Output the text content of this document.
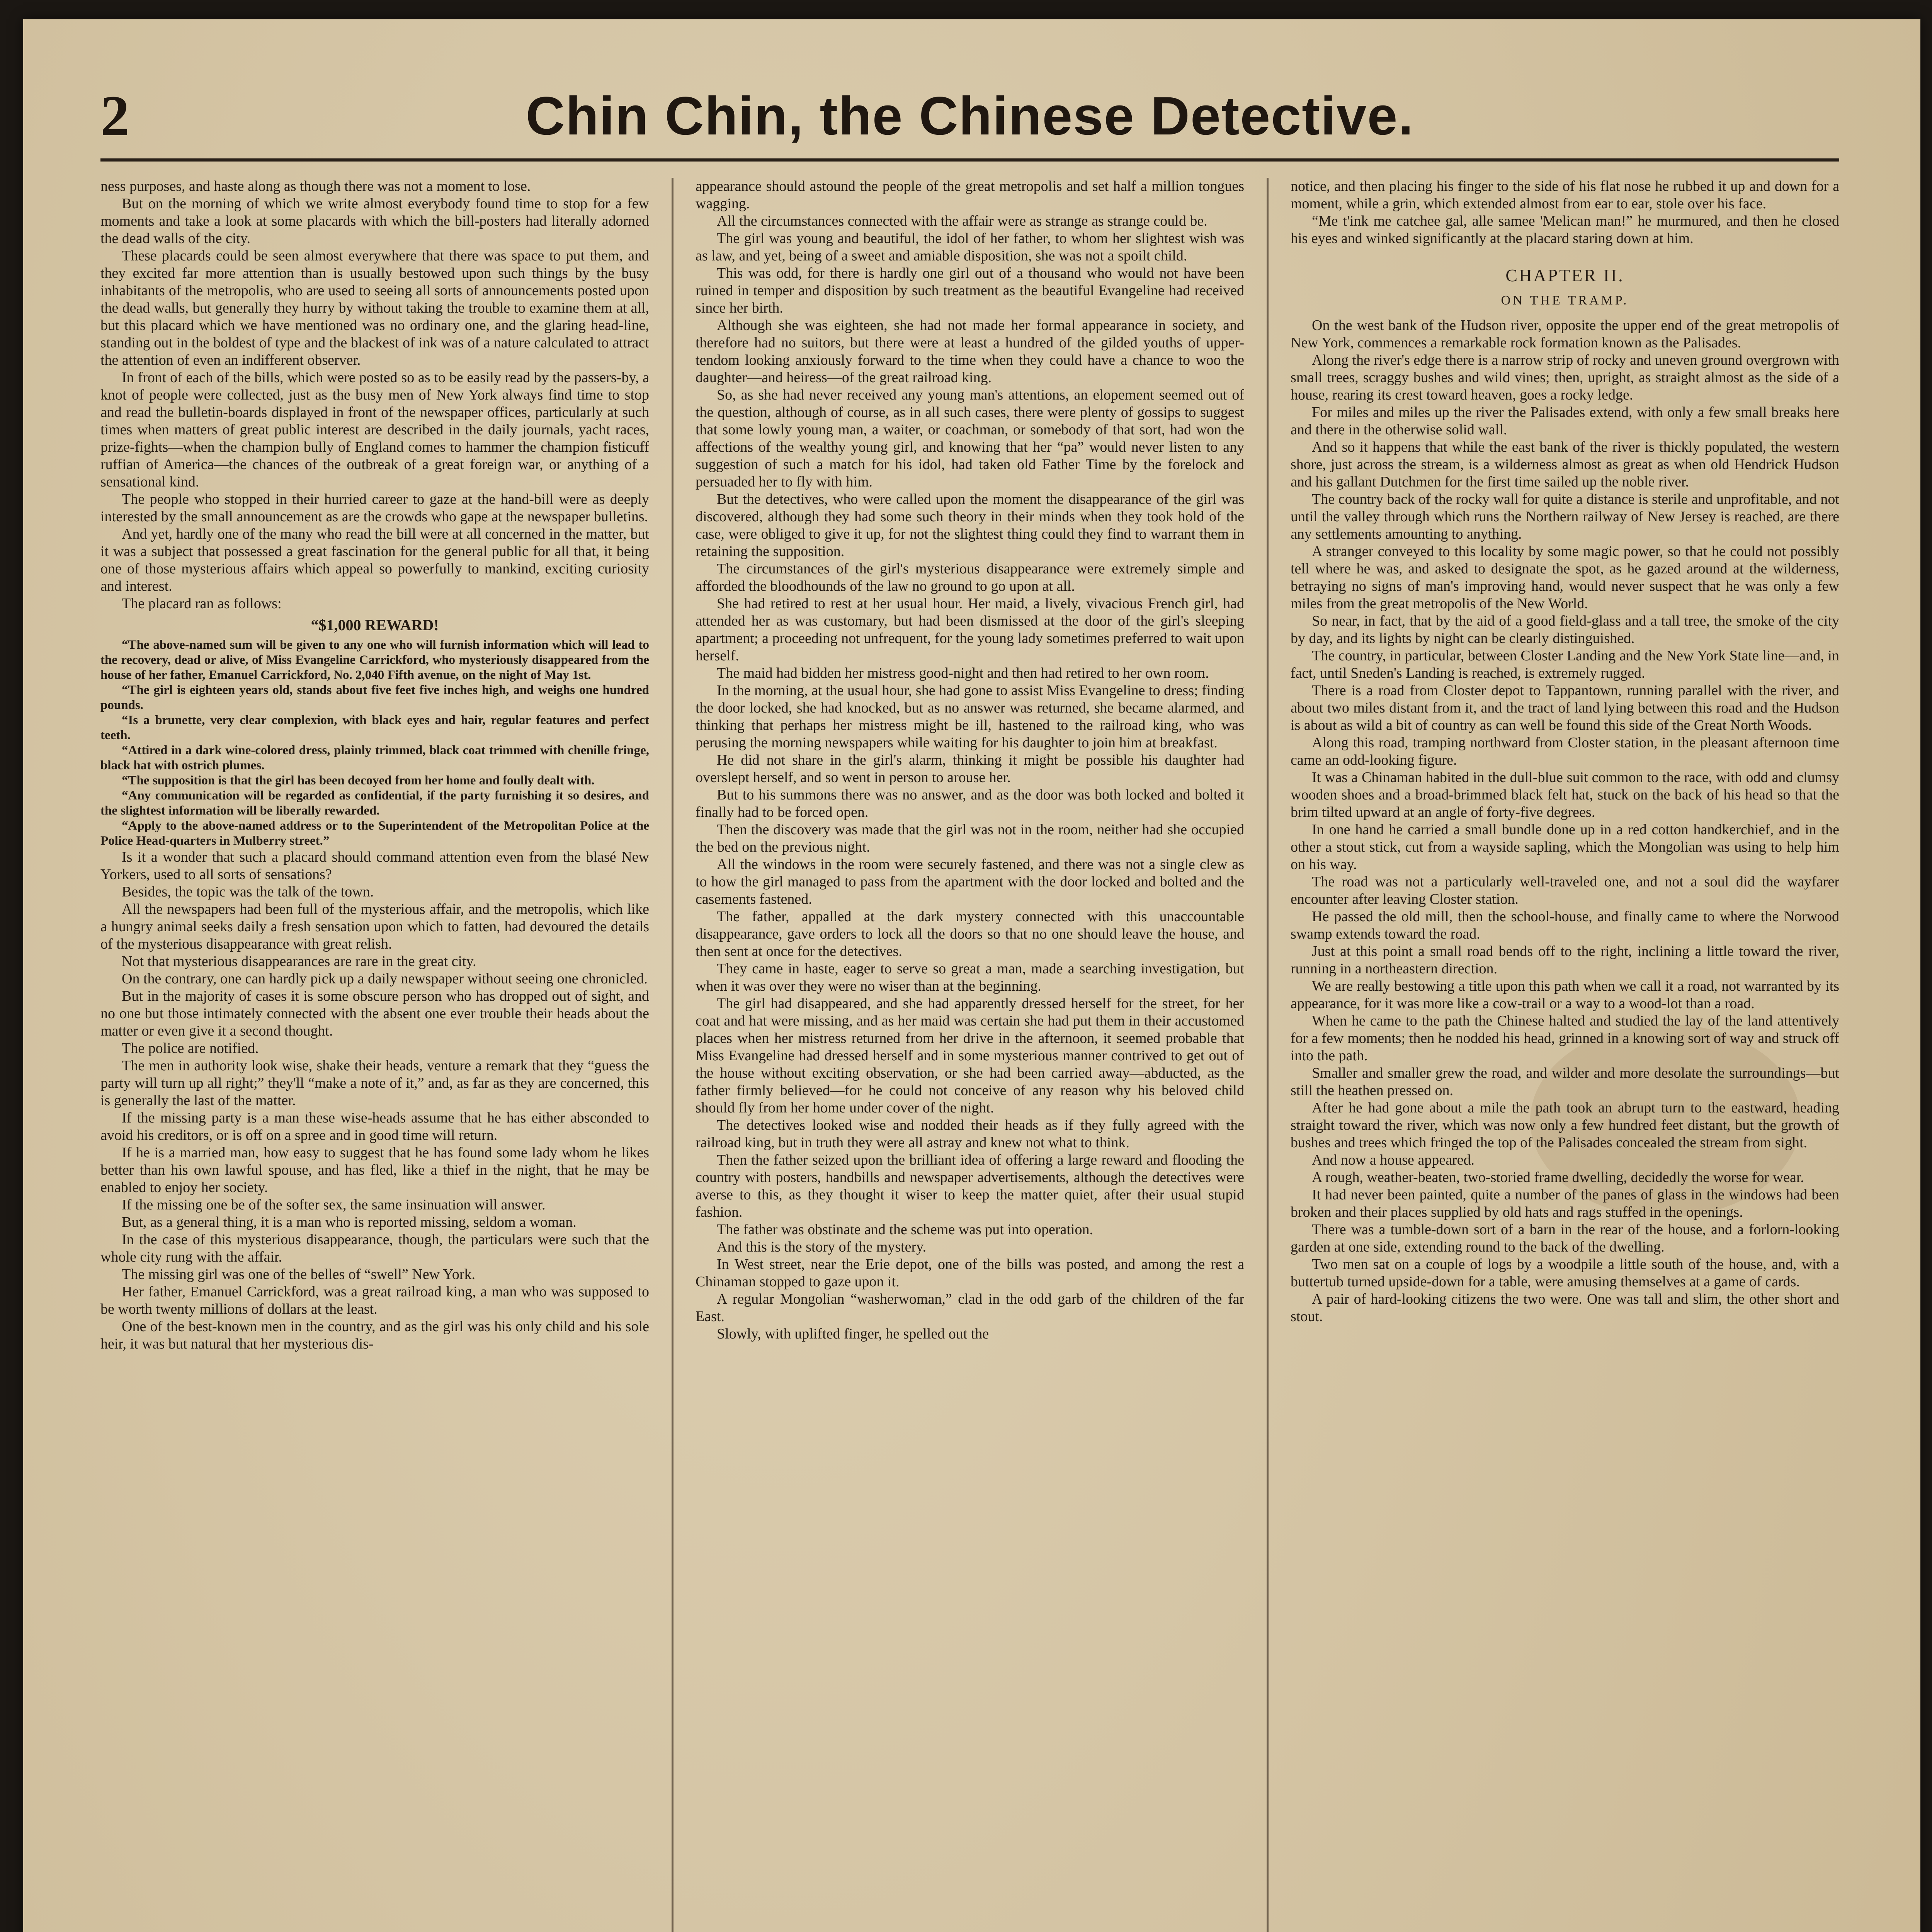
2	Chin Chin, the Chinese Detective.

ness purposes, and haste along as though there was not a moment to lose.

But on the morning of which we write almost everybody found time to stop for a few moments and take a look at some placards with which the bill-posters had literally adorned the dead walls of the city.

These placards could be seen almost everywhere that there was space to put them, and they excited far more attention than is usually bestowed upon such things by the busy inhabitants of the metropolis, who are used to seeing all sorts of announcements posted upon the dead walls, but generally they hurry by without taking the trouble to examine them at all, but this placard which we have mentioned was no ordinary one, and the glaring head-line, standing out in the boldest of type and the blackest of ink was of a nature calculated to attract the attention of even an indifferent observer.

In front of each of the bills, which were posted so as to be easily read by the passers-by, a knot of people were collected, just as the busy men of New York always find time to stop and read the bulletin-boards displayed in front of the newspaper offices, particularly at such times when matters of great public interest are described in the daily journals, yacht races, prize-fights—when the champion bully of England comes to hammer the champion fisticuff ruffian of America—the chances of the outbreak of a great foreign war, or anything of a sensational kind.

The people who stopped in their hurried career to gaze at the hand-bill were as deeply interested by the small announcement as are the crowds who gape at the newspaper bulletins.

And yet, hardly one of the many who read the bill were at all concerned in the matter, but it was a subject that possessed a great fascination for the general public for all that, it being one of those mysterious affairs which appeal so powerfully to mankind, exciting curiosity and interest.

The placard ran as follows:

“$1,000 REWARD!

“The above-named sum will be given to any one who will furnish information which will lead to the recovery, dead or alive, of Miss Evangeline Carrickford, who mysteriously disappeared from the house of her father, Emanuel Carrickford, No. 2,040 Fifth avenue, on the night of May 1st.

“The girl is eighteen years old, stands about five feet five inches high, and weighs one hundred pounds.

“Is a brunette, very clear complexion, with black eyes and hair, regular features and perfect teeth.

“Attired in a dark wine-colored dress, plainly trimmed, black coat trimmed with chenille fringe, black hat with ostrich plumes.

“The supposition is that the girl has been decoyed from her home and foully dealt with.

“Any communication will be regarded as confidential, if the party furnishing it so desires, and the slightest information will be liberally rewarded.

“Apply to the above-named address or to the Superintendent of the Metropolitan Police at the Police Head-quarters in Mulberry street.”

Is it a wonder that such a placard should command attention even from the blasé New Yorkers, used to all sorts of sensations?

Besides, the topic was the talk of the town.

All the newspapers had been full of the mysterious affair, and the metropolis, which like a hungry animal seeks daily a fresh sensation upon which to fatten, had devoured the details of the mysterious disappearance with great relish.

Not that mysterious disappearances are rare in the great city.

On the contrary, one can hardly pick up a daily newspaper without seeing one chronicled.

But in the majority of cases it is some obscure person who has dropped out of sight, and no one but those intimately connected with the absent one ever trouble their heads about the matter or even give it a second thought.

The police are notified.

The men in authority look wise, shake their heads, venture a remark that they “guess the party will turn up all right;” they'll “make a note of it,” and, as far as they are concerned, this is generally the last of the matter.

If the missing party is a man these wise-heads assume that he has either absconded to avoid his creditors, or is off on a spree and in good time will return.

If he is a married man, how easy to suggest that he has found some lady whom he likes better than his own lawful spouse, and has fled, like a thief in the night, that he may be enabled to enjoy her society.

If the missing one be of the softer sex, the same insinuation will answer.

But, as a general thing, it is a man who is reported missing, seldom a woman.

In the case of this mysterious disappearance, though, the particulars were such that the whole city rung with the affair.

The missing girl was one of the belles of “swell” New York.

Her father, Emanuel Carrickford, was a great railroad king, a man who was supposed to be worth twenty millions of dollars at the least.

One of the best-known men in the country, and as the girl was his only child and his sole heir, it was but natural that her mysterious dis-

appearance should astound the people of the great metropolis and set half a million tongues wagging.

All the circumstances connected with the affair were as strange as strange could be.

The girl was young and beautiful, the idol of her father, to whom her slightest wish was as law, and yet, being of a sweet and amiable disposition, she was not a spoilt child.

This was odd, for there is hardly one girl out of a thousand who would not have been ruined in temper and disposition by such treatment as the beautiful Evangeline had received since her birth.

Although she was eighteen, she had not made her formal appearance in society, and therefore had no suitors, but there were at least a hundred of the gilded youths of upper-tendom looking anxiously forward to the time when they could have a chance to woo the daughter—and heiress—of the great railroad king.

So, as she had never received any young man's attentions, an elopement seemed out of the question, although of course, as in all such cases, there were plenty of gossips to suggest that some lowly young man, a waiter, or coachman, or somebody of that sort, had won the affections of the wealthy young girl, and knowing that her “pa” would never listen to any suggestion of such a match for his idol, had taken old Father Time by the forelock and persuaded her to fly with him.

But the detectives, who were called upon the moment the disappearance of the girl was discovered, although they had some such theory in their minds when they took hold of the case, were obliged to give it up, for not the slightest thing could they find to warrant them in retaining the supposition.

The circumstances of the girl's mysterious disappearance were extremely simple and afforded the bloodhounds of the law no ground to go upon at all.

She had retired to rest at her usual hour. Her maid, a lively, vivacious French girl, had attended her as was customary, but had been dismissed at the door of the girl's sleeping apartment; a proceeding not unfrequent, for the young lady sometimes preferred to wait upon herself.

The maid had bidden her mistress good-night and then had retired to her own room.

In the morning, at the usual hour, she had gone to assist Miss Evangeline to dress; finding the door locked, she had knocked, but as no answer was returned, she became alarmed, and thinking that perhaps her mistress might be ill, hastened to the railroad king, who was perusing the morning newspapers while waiting for his daughter to join him at breakfast.

He did not share in the girl's alarm, thinking it might be possible his daughter had overslept herself, and so went in person to arouse her.

But to his summons there was no answer, and as the door was both locked and bolted it finally had to be forced open.

Then the discovery was made that the girl was not in the room, neither had she occupied the bed on the previous night.

All the windows in the room were securely fastened, and there was not a single clew as to how the girl managed to pass from the apartment with the door locked and bolted and the casements fastened.

The father, appalled at the dark mystery connected with this unaccountable disappearance, gave orders to lock all the doors so that no one should leave the house, and then sent at once for the detectives.

They came in haste, eager to serve so great a man, made a searching investigation, but when it was over they were no wiser than at the beginning.

The girl had disappeared, and she had apparently dressed herself for the street, for her coat and hat were missing, and as her maid was certain she had put them in their accustomed places when her mistress returned from her drive in the afternoon, it seemed probable that Miss Evangeline had dressed herself and in some mysterious manner contrived to get out of the house without exciting observation, or she had been carried away—abducted, as the father firmly believed—for he could not conceive of any reason why his beloved child should fly from her home under cover of the night.

The detectives looked wise and nodded their heads as if they fully agreed with the railroad king, but in truth they were all astray and knew not what to think.

Then the father seized upon the brilliant idea of offering a large reward and flooding the country with posters, handbills and newspaper advertisements, although the detectives were averse to this, as they thought it wiser to keep the matter quiet, after their usual stupid fashion.

The father was obstinate and the scheme was put into operation.

And this is the story of the mystery.

In West street, near the Erie depot, one of the bills was posted, and among the rest a Chinaman stopped to gaze upon it.

A regular Mongolian “washerwoman,” clad in the odd garb of the children of the far East.

Slowly, with uplifted finger, he spelled out the

notice, and then placing his finger to the side of his flat nose he rubbed it up and down for a moment, while a grin, which extended almost from ear to ear, stole over his face.

“Me t'ink me catchee gal, alle samee 'Melican man!” he murmured, and then he closed his eyes and winked significantly at the placard staring down at him.

CHAPTER II.

ON THE TRAMP.

On the west bank of the Hudson river, opposite the upper end of the great metropolis of New York, commences a remarkable rock formation known as the Palisades.

Along the river's edge there is a narrow strip of rocky and uneven ground overgrown with small trees, scraggy bushes and wild vines; then, upright, as straight almost as the side of a house, rearing its crest toward heaven, goes a rocky ledge.

For miles and miles up the river the Palisades extend, with only a few small breaks here and there in the otherwise solid wall.

And so it happens that while the east bank of the river is thickly populated, the western shore, just across the stream, is a wilderness almost as great as when old Hendrick Hudson and his gallant Dutchmen for the first time sailed up the noble river.

The country back of the rocky wall for quite a distance is sterile and unprofitable, and not until the valley through which runs the Northern railway of New Jersey is reached, are there any settlements amounting to anything.

A stranger conveyed to this locality by some magic power, so that he could not possibly tell where he was, and asked to designate the spot, as he gazed around at the wilderness, betraying no signs of man's improving hand, would never suspect that he was only a few miles from the great metropolis of the New World.

So near, in fact, that by the aid of a good field-glass and a tall tree, the smoke of the city by day, and its lights by night can be clearly distinguished.

The country, in particular, between Closter Landing and the New York State line—and, in fact, until Sneden's Landing is reached, is extremely rugged.

There is a road from Closter depot to Tappantown, running parallel with the river, and about two miles distant from it, and the tract of land lying between this road and the Hudson is about as wild a bit of country as can well be found this side of the Great North Woods.

Along this road, tramping northward from Closter station, in the pleasant afternoon time came an odd-looking figure.

It was a Chinaman habited in the dull-blue suit common to the race, with odd and clumsy wooden shoes and a broad-brimmed black felt hat, stuck on the back of his head so that the brim tilted upward at an angle of forty-five degrees.

In one hand he carried a small bundle done up in a red cotton handkerchief, and in the other a stout stick, cut from a wayside sapling, which the Mongolian was using to help him on his way.

The road was not a particularly well-traveled one, and not a soul did the wayfarer encounter after leaving Closter station.

He passed the old mill, then the school-house, and finally came to where the Norwood swamp extends toward the road.

Just at this point a small road bends off to the right, inclining a little toward the river, running in a northeastern direction.

We are really bestowing a title upon this path when we call it a road, not warranted by its appearance, for it was more like a cow-trail or a way to a wood-lot than a road.

When he came to the path the Chinese halted and studied the lay of the land attentively for a few moments; then he nodded his head, grinned in a knowing sort of way and struck off into the path.

Smaller and smaller grew the road, and wilder and more desolate the surroundings—but still the heathen pressed on.

After he had gone about a mile the path took an abrupt turn to the eastward, heading straight toward the river, which was now only a few hundred feet distant, but the growth of bushes and trees which fringed the top of the Palisades concealed the stream from sight.

And now a house appeared.

A rough, weather-beaten, two-storied frame dwelling, decidedly the worse for wear.

It had never been painted, quite a number of the panes of glass in the windows had been broken and their places supplied by old hats and rags stuffed in the openings.

There was a tumble-down sort of a barn in the rear of the house, and a forlorn-looking garden at one side, extending round to the back of the dwelling.

Two men sat on a couple of logs by a woodpile a little south of the house, and, with a buttertub turned upside-down for a table, were amusing themselves at a game of cards.

A pair of hard-looking citizens the two were. One was tall and slim, the other short and stout.
